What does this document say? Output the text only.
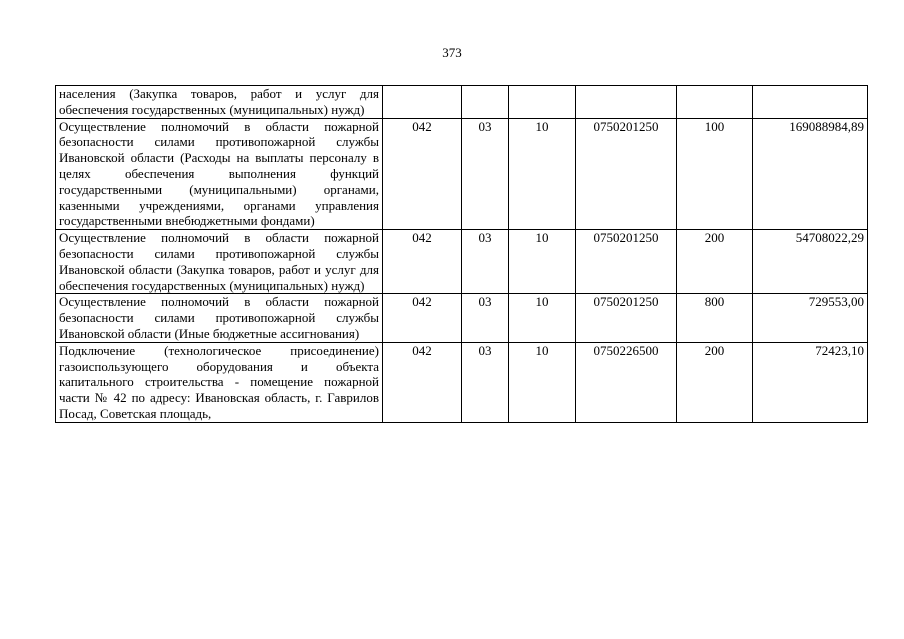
373
населения (Закупка товаров, работ и услуг для обеспечения государственных (муниципальных) нужд)						
Осуществление полномочий в области пожарной безопасности силами противопожарной службы Ивановской области (Расходы на выплаты персоналу в целях обеспечения выполнения функций государственными (муниципальными) органами, казенными учреждениями, органами управления государственными внебюджетными фондами)	042	03	10	0750201250	100	169088984,89
Осуществление полномочий в области пожарной безопасности силами противопожарной службы Ивановской области (Закупка товаров, работ и услуг для обеспечения государственных (муниципальных) нужд)	042	03	10	0750201250	200	54708022,29
Осуществление полномочий в области пожарной безопасности силами противопожарной службы Ивановской области (Иные бюджетные ассигнования)	042	03	10	0750201250	800	729553,00
Подключение (технологическое присоединение) газоиспользующего оборудования и объекта капитального строительства - помещение пожарной части № 42 по адресу: Ивановская область, г. Гаврилов Посад, Советская площадь,	042	03	10	0750226500	200	72423,10
